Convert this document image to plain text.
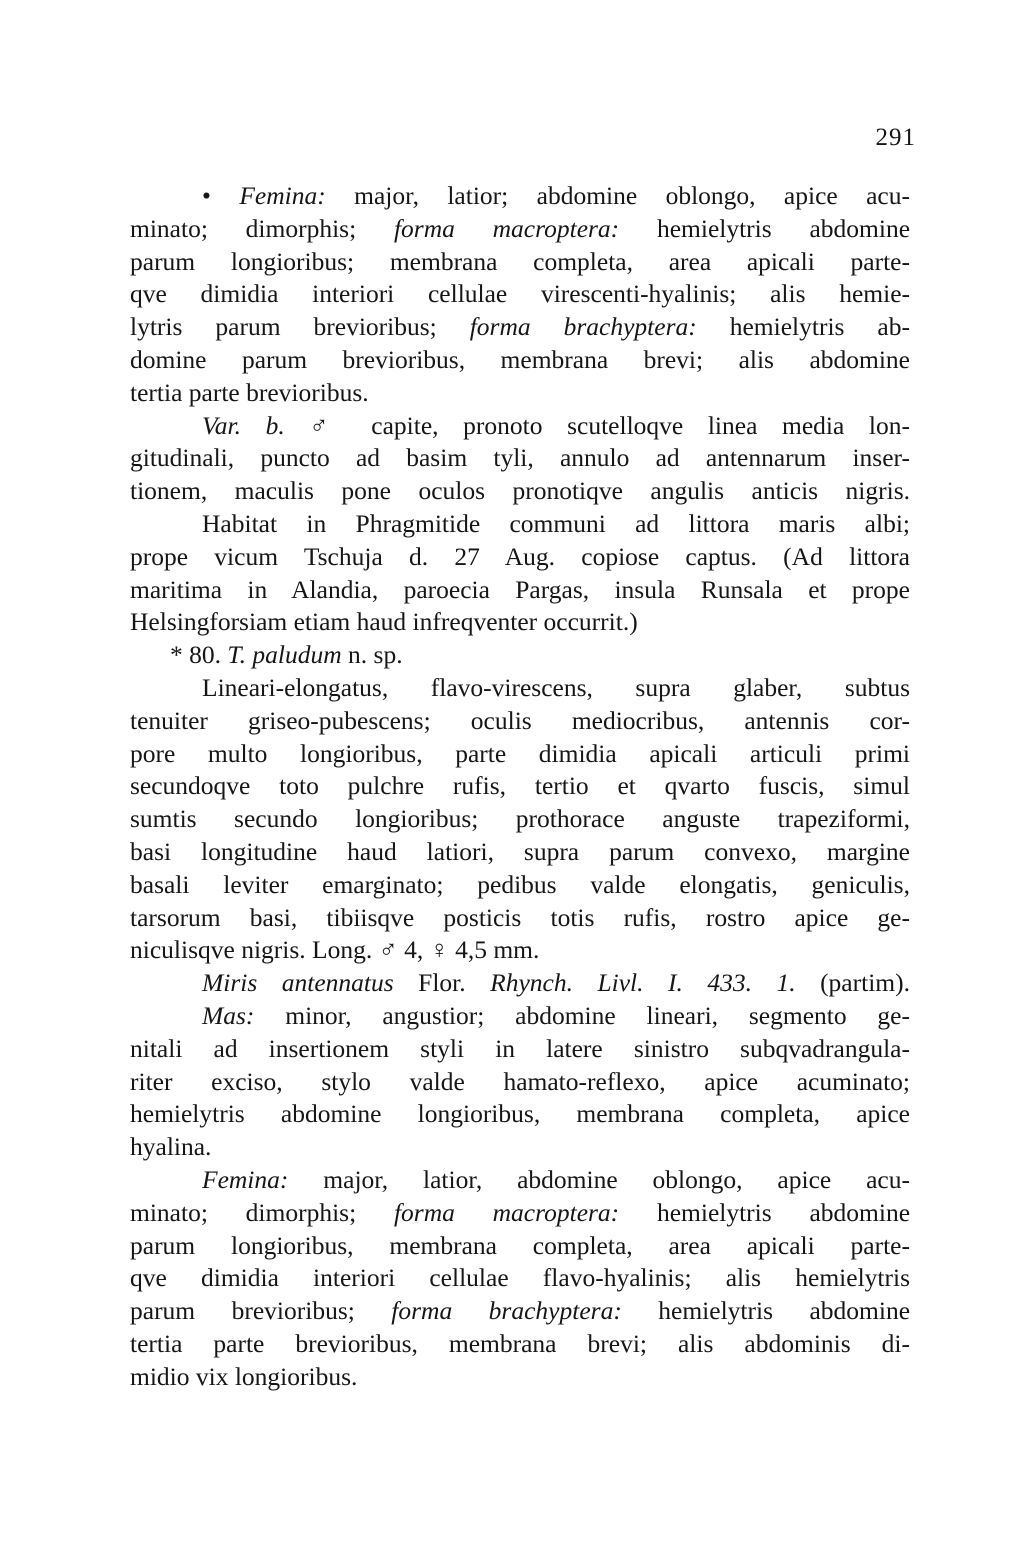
291
• Femina: major, latior; abdomine oblongo, apice acu-
minato; dimorphis; forma macroptera: hemielytris abdomine
parum longioribus; membrana completa, area apicali parte-
qve dimidia interiori cellulae virescenti-hyalinis; alis hemie-
lytris parum brevioribus; forma brachyptera: hemielytris ab-
domine parum brevioribus, membrana brevi; alis abdomine
tertia parte brevioribus.
Var. b. ♂ capite, pronoto scutelloqve linea media lon-
gitudinali, puncto ad basim tyli, annulo ad antennarum inser-
tionem, maculis pone oculos pronotiqve angulis anticis nigris.
Habitat in Phragmitide communi ad littora maris albi;
prope vicum Tschuja d. 27 Aug. copiose captus. (Ad littora
maritima in Alandia, paroecia Pargas, insula Runsala et prope
Helsingforsiam etiam haud infreqventer occurrit.)
* 80. T. paludum n. sp.
Lineari-elongatus, flavo-virescens, supra glaber, subtus
tenuiter griseo-pubescens; oculis mediocribus, antennis cor-
pore multo longioribus, parte dimidia apicali articuli primi
secundoqve toto pulchre rufis, tertio et qvarto fuscis, simul
sumtis secundo longioribus; prothorace anguste trapeziformi,
basi longitudine haud latiori, supra parum convexo, margine
basali leviter emarginato; pedibus valde elongatis, geniculis,
tarsorum basi, tibiisqve posticis totis rufis, rostro apice ge-
niculisqve nigris. Long. ♂ 4, ♀ 4,5 mm.
Miris antennatus Flor. Rhynch. Livl. I. 433. 1. (partim).
Mas: minor, angustior; abdomine lineari, segmento ge-
nitali ad insertionem styli in latere sinistro subqvadrangula-
riter exciso, stylo valde hamato-reflexo, apice acuminato;
hemielytris abdomine longioribus, membrana completa, apice
hyalina.
Femina: major, latior, abdomine oblongo, apice acu-
minato; dimorphis; forma macroptera: hemielytris abdomine
parum longioribus, membrana completa, area apicali parte-
qve dimidia interiori cellulae flavo-hyalinis; alis hemielytris
parum brevioribus; forma brachyptera: hemielytris abdomine
tertia parte brevioribus, membrana brevi; alis abdominis di-
midio vix longioribus.
